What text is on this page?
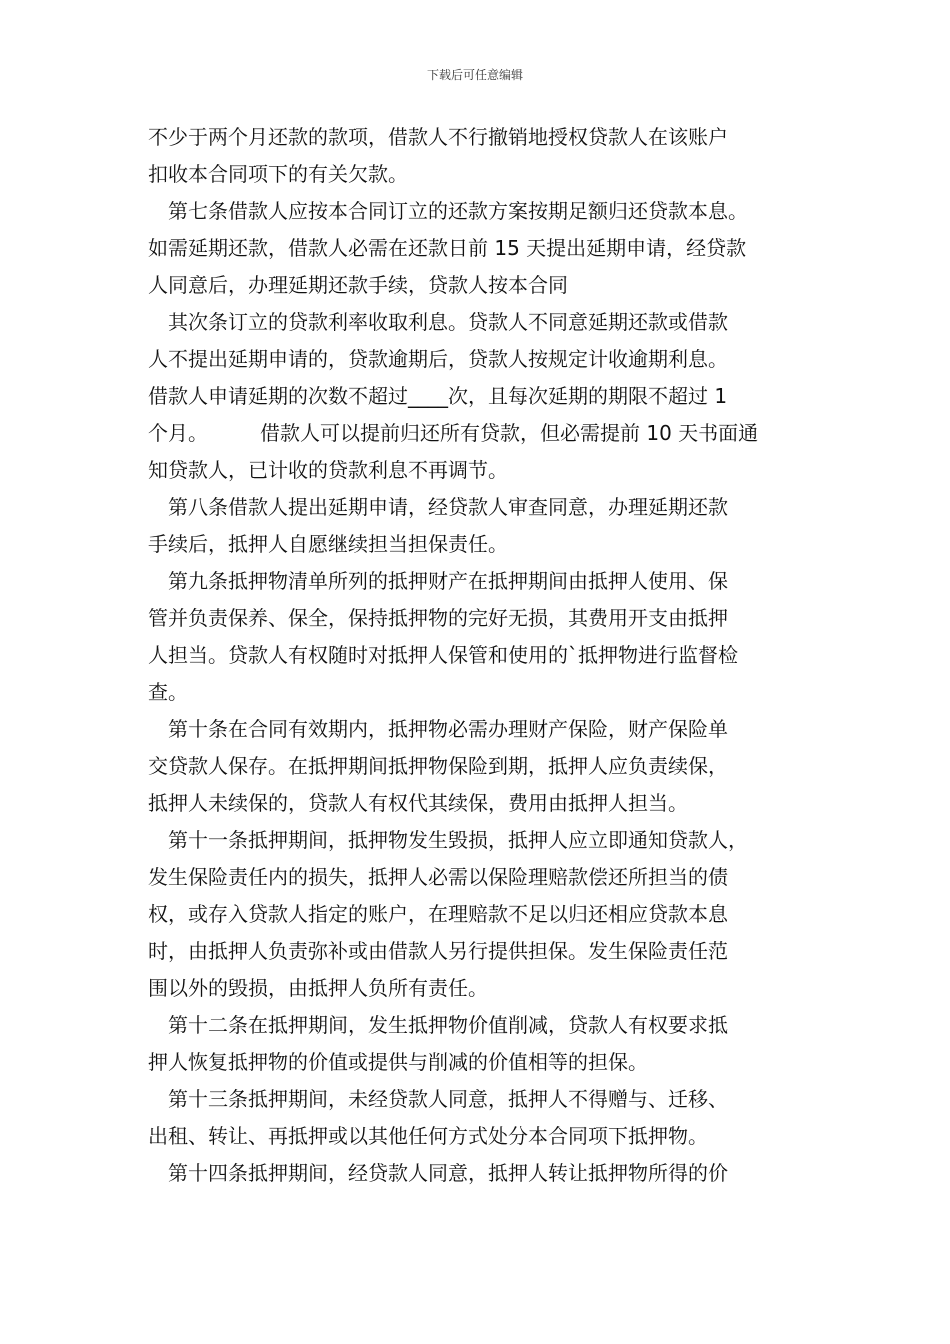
下载后可任意编辑
不少于两个月还款的款项，借款人不行撤销地授权贷款人在该账户
扣收本合同项下的有关欠款。
第七条借款人应按本合同订立的还款方案按期足额归还贷款本息。
如需延期还款，借款人必需在还款日前 15 天提出延期申请，经贷款
人同意后，办理延期还款手续，贷款人按本合同
其次条订立的贷款利率收取利息。贷款人不同意延期还款或借款
人不提出延期申请的，贷款逾期后，贷款人按规定计收逾期利息。
借款人申请延期的次数不超过____次，且每次延期的期限不超过 1
个月。	借款人可以提前归还所有贷款，但必需提前 10 天书面通
知贷款人，已计收的贷款利息不再调节。
第八条借款人提出延期申请，经贷款人审查同意，办理延期还款
手续后，抵押人自愿继续担当担保责任。
第九条抵押物清单所列的抵押财产在抵押期间由抵押人使用、保
管并负责保养、保全，保持抵押物的完好无损，其费用开支由抵押
人担当。贷款人有权随时对抵押人保管和使用的`抵押物进行监督检
查。
第十条在合同有效期内，抵押物必需办理财产保险，财产保险单
交贷款人保存。在抵押期间抵押物保险到期，抵押人应负责续保，
抵押人未续保的，贷款人有权代其续保，费用由抵押人担当。
第十一条抵押期间，抵押物发生毁损，抵押人应立即通知贷款人，
发生保险责任内的损失，抵押人必需以保险理赔款偿还所担当的债
权，或存入贷款人指定的账户，在理赔款不足以归还相应贷款本息
时，由抵押人负责弥补或由借款人另行提供担保。发生保险责任范
围以外的毁损，由抵押人负所有责任。
第十二条在抵押期间，发生抵押物价值削减，贷款人有权要求抵
押人恢复抵押物的价值或提供与削减的价值相等的担保。
第十三条抵押期间，未经贷款人同意，抵押人不得赠与、迁移、
出租、转让、再抵押或以其他任何方式处分本合同项下抵押物。
第十四条抵押期间，经贷款人同意，抵押人转让抵押物所得的价
